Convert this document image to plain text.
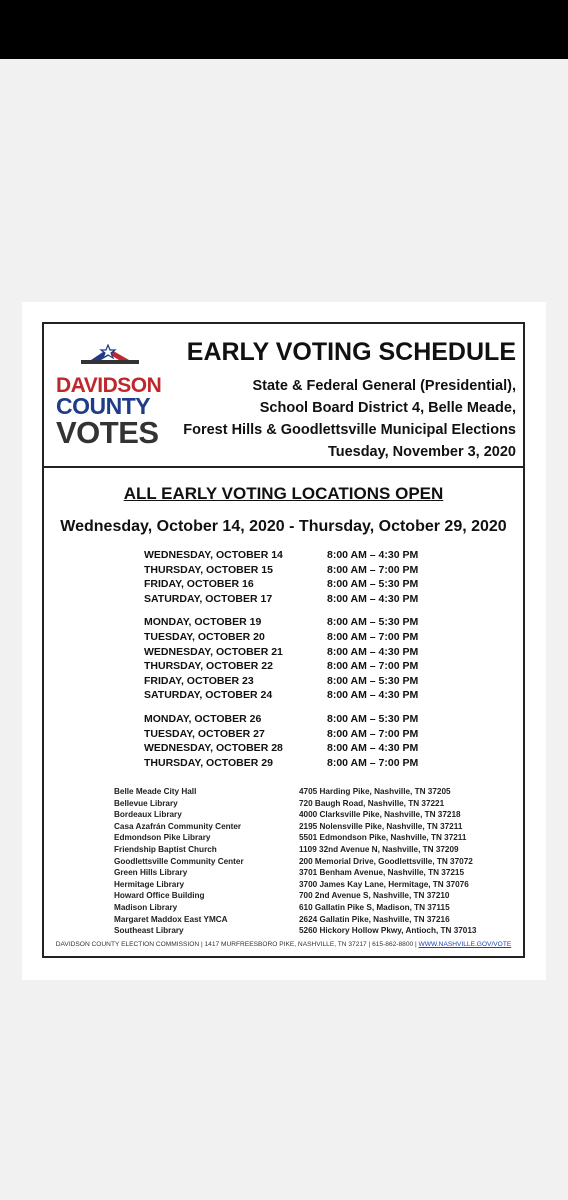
DAVIDSON
COUNTY
VOTES
EARLY VOTING SCHEDULE
State & Federal General (Presidential),
School Board District 4, Belle Meade,
Forest Hills & Goodlettsville Municipal Elections
Tuesday, November 3, 2020
ALL EARLY VOTING LOCATIONS OPEN
Wednesday, October 14, 2020 - Thursday, October 29, 2020
WEDNESDAY, OCTOBER 14	8:00 AM – 4:30 PM
THURSDAY, OCTOBER 15	8:00 AM – 7:00 PM
FRIDAY, OCTOBER 16	8:00 AM – 5:30 PM
SATURDAY, OCTOBER 17	8:00 AM – 4:30 PM
MONDAY, OCTOBER 19	8:00 AM – 5:30 PM
TUESDAY, OCTOBER 20	8:00 AM – 7:00 PM
WEDNESDAY, OCTOBER 21	8:00 AM – 4:30 PM
THURSDAY, OCTOBER 22	8:00 AM – 7:00 PM
FRIDAY, OCTOBER 23	8:00 AM – 5:30 PM
SATURDAY, OCTOBER 24	8:00 AM – 4:30 PM
MONDAY, OCTOBER 26	8:00 AM – 5:30 PM
TUESDAY, OCTOBER 27	8:00 AM – 7:00 PM
WEDNESDAY, OCTOBER 28	8:00 AM – 4:30 PM
THURSDAY, OCTOBER 29	8:00 AM – 7:00 PM
Belle Meade City Hall	4705 Harding Pike, Nashville, TN 37205
Bellevue Library	720 Baugh Road, Nashville, TN 37221
Bordeaux Library	4000 Clarksville Pike, Nashville, TN 37218
Casa Azafrán Community Center	2195 Nolensville Pike, Nashville, TN 37211
Edmondson Pike Library	5501 Edmondson Pike, Nashville, TN 37211
Friendship Baptist Church	1109 32nd Avenue N, Nashville, TN 37209
Goodlettsville Community Center	200 Memorial Drive, Goodlettsville, TN 37072
Green Hills Library	3701 Benham Avenue, Nashville, TN 37215
Hermitage Library	3700 James Kay Lane, Hermitage, TN 37076
Howard Office Building	700 2nd Avenue S, Nashville, TN 37210
Madison Library	610 Gallatin Pike S, Madison, TN 37115
Margaret Maddox East YMCA	2624 Gallatin Pike, Nashville, TN 37216
Southeast Library	5260 Hickory Hollow Pkwy, Antioch, TN 37013
DAVIDSON COUNTY ELECTION COMMISSION | 1417 MURFREESBORO PIKE, NASHVILLE, TN 37217 | 615-862-8800 | WWW.NASHVILLE.GOV/VOTE
